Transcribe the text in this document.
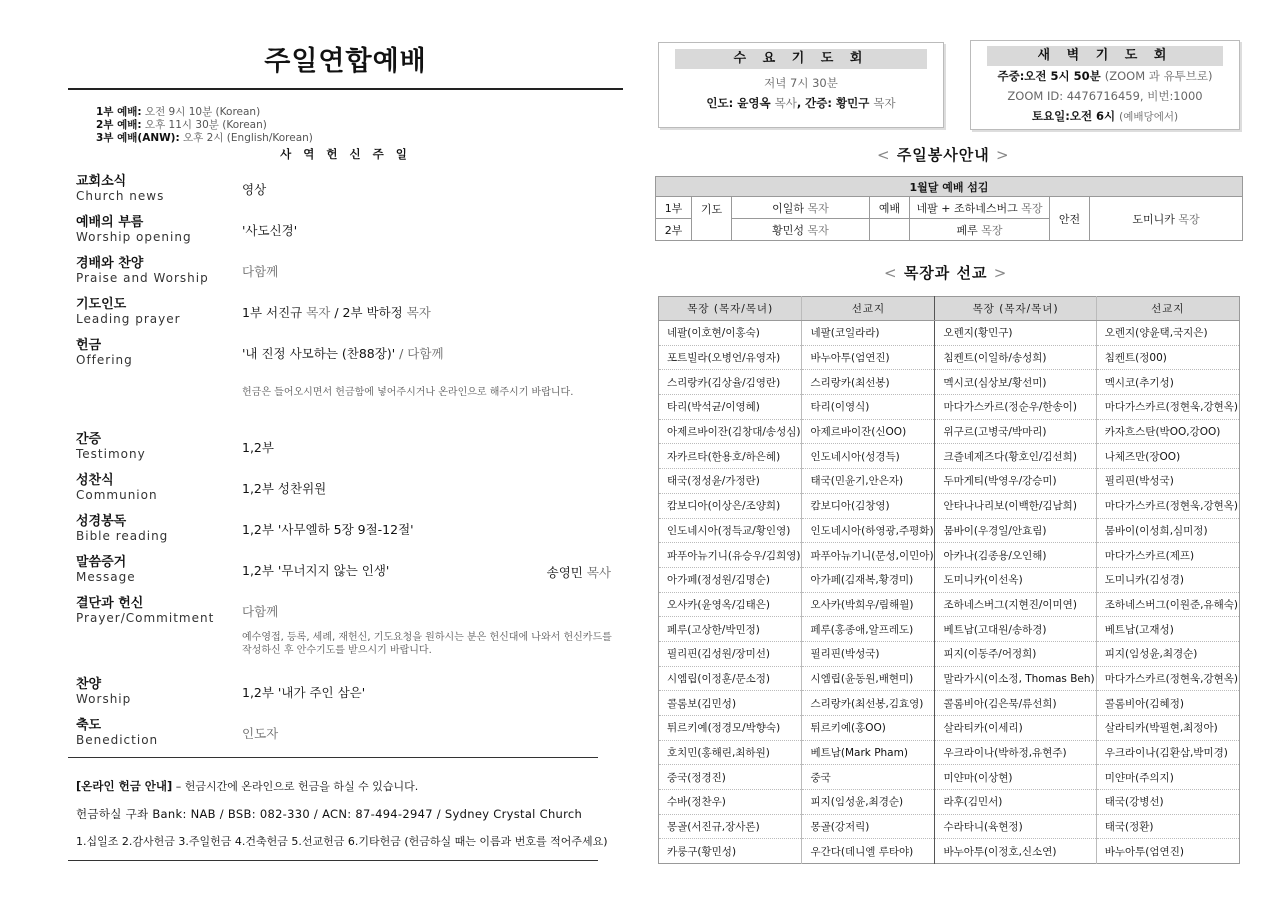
주일연합예배
1부 예배: 오전 9시 10분 (Korean)
2부 예배: 오후 11시 30분 (Korean)
3부 예배(ANW): 오후 2시 (English/Korean)
사 역 헌 신 주 일
교회소식
Church news	영상
예배의 부름
Worship opening	'사도신경'
경배와 찬양
Praise and Worship	다함께
기도인도
Leading prayer	1부 서진규 목자 / 2부 박하정 목자
헌금
Offering	'내 진정 사모하는 (찬88장)' / 다함께
헌금은 들어오시면서 헌금함에 넣어주시거나 온라인으로 해주시기 바랍니다.
간증
Testimony	1,2부
성찬식
Communion	1,2부 성찬위원
성경봉독
Bible reading	1,2부 '사무엘하 5장 9절-12절'
말씀증거
Message	1,2부 '무너지지 않는 인생'	송영민 목사
결단과 헌신
Prayer/Commitment 다함께
예수영접, 등록, 세례, 재헌신, 기도요청을 원하시는 분은 헌신대에 나와서 헌신카드를 작성하신 후 안수기도를 받으시기 바랍니다.
찬양
Worship	1,2부 '내가 주인 삼은'
축도
Benediction	인도자
[온라인 헌금 안내] – 헌금시간에 온라인으로 헌금을 하실 수 있습니다.
헌금하실 구좌 Bank: NAB / BSB: 082-330 / ACN: 87-494-2947 / Sydney Crystal Church
1.십일조 2.감사헌금 3.주일헌금 4.건축헌금 5.선교헌금 6.기타헌금 (헌금하실 때는 이름과 번호를 적어주세요)
수 요 기 도 회
저녁 7시 30분
인도: 윤영옥 목사, 간증: 황민구 목자
새 벽 기 도 회
주중:오전 5시 50분 (ZOOM 과 유투브로)
ZOOM ID: 4476716459, 비번:1000
토요일:오전 6시 (예배당에서)
< 주일봉사안내 >
1월달 예배 섬김						
1부	기도	이일하 목자	예배	네팔 + 조하네스버그 목장	안전	도미니카 목장
2부		황민성 목자		페루 목장		
< 목장과 선교 >
목장 (목자/목녀)	선교지	목장 (목자/목녀)	선교지
네팔(이호현/이홍숙)	네팔(코일라라)	오렌지(황민구)	오렌지(양윤택,국지은)
포트빌라(오병언/유영자)	바누아투(엄연진)	침켄트(이일하/송성희)	침켄트(정00)
스리랑카(김상율/김영란)	스리랑카(최선봉)	멕시코(심상보/황선미)	멕시코(추기성)
타리(박석균/이영혜)	타리(이영식)	마다가스카르(정순우/한송이)	마다가스카르(정현욱,강현옥)
아제르바이잔(김창대/송성심)	아제르바이잔(신OO)	위구르(고병국/박마리)	카자흐스탄(박OO,강OO)
자카르타(한용호/하은혜)	인도네시아(성경득)	크즐녜제즈다(황호인/김선희)	나체즈만(장OO)
태국(정성윤/가정란)	태국(민윤기,안은자)	두마게티(박영우/강승미)	필리핀(박성국)
캄보디아(이상은/조양희)	캄보디아(김창영)	안타나나리보(이백한/김남희)	마다가스카르(정현욱,강현옥)
인도네시아(정득교/황인영)	인도네시아(하영광,주평화)	뭄바이(우경일/안효림)	뭄바이(이성희,심미정)
파푸아뉴기니(유승우/김희영)	파푸아뉴기니(문성,이민아)	아카나(김종용/오인해)	마다가스카르(제프)
아가페(정성원/김명순)	아가페(김재복,황경미)	도미니카(이선옥)	도미니카(김성경)
오사카(윤영옥/김태은)	오사카(박희우/림해월)	조하네스버그(지현진/이미연)	조하네스버그(이원준,유해숙)
페루(고상한/박민정)	페루(홍종애,알프레도)	베트남(고대원/송하경)	베트남(고재성)
필리핀(김성원/장미선)	필리핀(박성국)	피지(이동주/어정희)	피지(임성윤,최경순)
시엠립(이정훈/문소정)	시엠립(윤동원,배현미)	말라가시(이소정, Thomas Beh)	마다가스카르(정현욱,강현옥)
콜롬보(김민성)	스리랑카(최선봉,김효영)	콜롬비아(김은묵/류선희)	콜롬비아(김혜정)
튀르키예(정경모/박향숙)	튀르키예(홍OO)	살라티카(이세리)	살라티카(박필현,최정아)
호치민(홍해린,최하원)	베트남(Mark Pham)	우크라이나(박하정,유현주)	우크라이나(김환삼,박미경)
중국(정경진)	중국	미얀마(이상현)	미얀마(주의지)
수바(정찬우)	피지(임성윤,최경순)	라후(김민서)	태국(강병선)
몽골(서진규,장사론)	몽골(강저릭)	수라타니(육현정)	태국(정환)
카룽구(황민성)	우간다(데니엘 루타야)	바누아투(이정호,신소연)	바누아투(엄연진)
